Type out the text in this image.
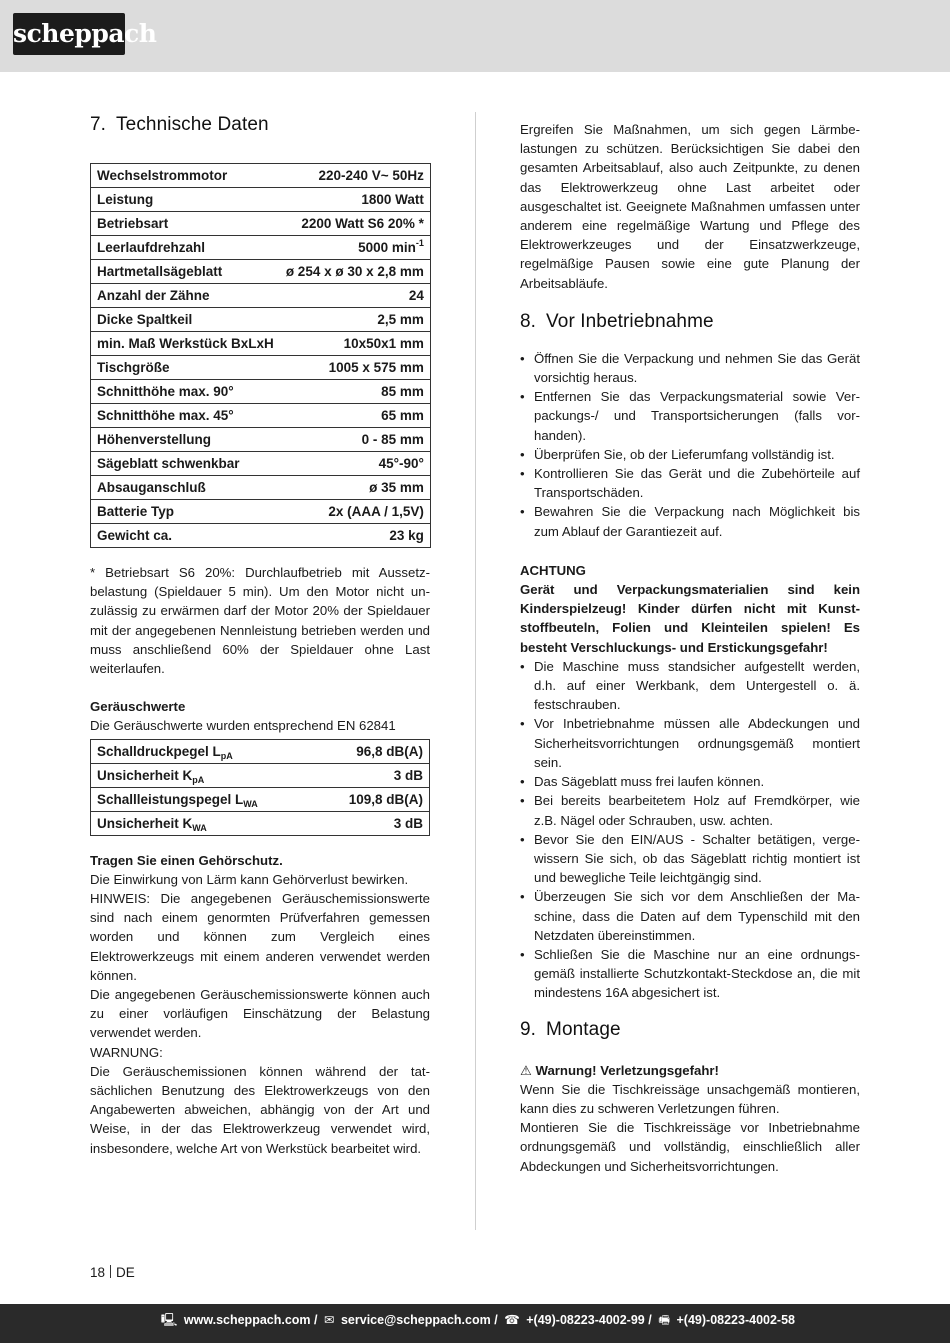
scheppach
7. Technische Daten
Wechselstrommotor	220-240 V~ 50Hz
Leistung	1800 Watt
Betriebsart	2200 Watt S6 20% *
Leerlaufdrehzahl	5000 $\min^{-1}$
Hartmetallsägeblatt	ø 254 x ø 30 x 2,8 mm
Anzahl der Zähne	24
Dicke Spaltkeil	2,5 mm
min. Maß Werkstück BxLxH	10x50x1 mm
Tischgröße	1005 x 575 mm
Schnitthöhe max. 90°	85 mm
Schnitthöhe max. 45°	65 mm
Höhenverstellung	0 - 85 mm
Sägeblatt schwenkbar	45°-90°
Absauganschluß	ø 35 mm
Batterie Typ	2x (AAA / 1,5V)
Gewicht ca.	23 kg

* Betriebsart S6 20%: Durchlaufbetrieb mit Aussetzbelastung (Spieldauer 5 min). Um den Motor nicht unzulässig zu erwärmen darf der Motor 20% der Spieldauer mit der angegebenen Nennleistung betrieben werden und muss anschließend 60% der Spieldauer ohne Last weiterlaufen.

Geräuschwerte

Die Geräuschwerte wurden entsprechend EN 62841

Schalldruckpegel $L_{pA}$	96,8 dB(A)
Unsicherheit $K_{pA}$	3 dB
Schallleistungspegel $L_{WA}$	109,8 dB(A)
Unsicherheit $K_{WA}$	3 dB

Tragen Sie einen Gehörschutz.

Die Einwirkung von Lärm kann Gehörverlust bewirken.

HINWEIS: Die angegebenen Geräuschemissionswerte sind nach einem genormten Prüfverfahren gemessen worden und können zum Vergleich eines Elektrowerkzeugs mit einem anderen verwendet werden können.

Die angegebenen Geräuschemissionswerte können auch zu einer vorläufigen Einschätzung der Belastung verwendet werden.

WARNUNG:

Die Geräuschemissionen können während der tatsächlichen Benutzung des Elektrowerkzeugs von den Angabewerten abweichen, abhängig von der Art und Weise, in der das Elektrowerkzeug verwendet wird, insbesondere, welche Art von Werkstück bearbeitet wird.

Ergreifen Sie Maßnahmen, um sich gegen Lärmbelastungen zu schützen. Berücksichtigen Sie dabei den gesamten Arbeitsablauf, also auch Zeitpunkte, zu denen das Elektrowerkzeug ohne Last arbeitet oder ausgeschaltet ist. Geeignete Maßnahmen umfassen unter anderem eine regelmäßige Wartung und Pflege des Elektrowerkzeuges und der Einsatzwerkzeuge, regelmäßige Pausen sowie eine gute Planung der Arbeitsabläufe.

8. Vor Inbetriebnahme
• Öffnen Sie die Verpackung und nehmen Sie das Gerät vorsichtig heraus.
• Entfernen Sie das Verpackungsmaterial sowie Verpackungs-/ und Transportsicherungen (falls vorhanden).
• Überprüfen Sie, ob der Lieferumfang vollständig ist.
• Kontrollieren Sie das Gerät und die Zubehörteile auf Transportschäden.
• Bewahren Sie die Verpackung nach Möglichkeit bis zum Ablauf der Garantiezeit auf.

ACHTUNG

Gerät und Verpackungsmaterialien sind kein Kinderspielzeug! Kinder dürfen nicht mit Kunststoffbeuteln, Folien und Kleinteilen spielen! Es besteht Verschluckungs- und Erstickungsgefahr!

• Die Maschine muss standsicher aufgestellt werden, d.h. auf einer Werkbank, dem Untergestell o. ä. festschrauben.
• Vor Inbetriebnahme müssen alle Abdeckungen und Sicherheitsvorrichtungen ordnungsgemäß montiert sein.
• Das Sägeblatt muss frei laufen können.
• Bei bereits bearbeitetem Holz auf Fremdkörper, wie z.B. Nägel oder Schrauben, usw. achten.
• Bevor Sie den EIN/AUS - Schalter betätigen, vergewissern Sie sich, ob das Sägeblatt richtig montiert ist und bewegliche Teile leichtgängig sind.
• Überzeugen Sie sich vor dem Anschließen der Maschine, dass die Daten auf dem Typenschild mit den Netzdaten übereinstimmen.
• Schließen Sie die Maschine nur an eine ordnungsgemäß installierte Schutzkontakt-Steckdose an, die mit mindestens 16A abgesichert ist.
9. Montage

⚠ Warnung! Verletzungsgefahr!

Wenn Sie die Tischkreissäge unsachgemäß montieren, kann dies zu schweren Verletzungen führen.

Montieren Sie die Tischkreissäge vor Inbetriebnahme ordnungsgemäß und vollständig, einschließlich aller Abdeckungen und Sicherheitsvorrichtungen.

18 DE
🖳 www.scheppach.com / ✉ service@scheppach.com / ☎ +(49)-08223-4002-99 / 🖷 +(49)-08223-4002-58
